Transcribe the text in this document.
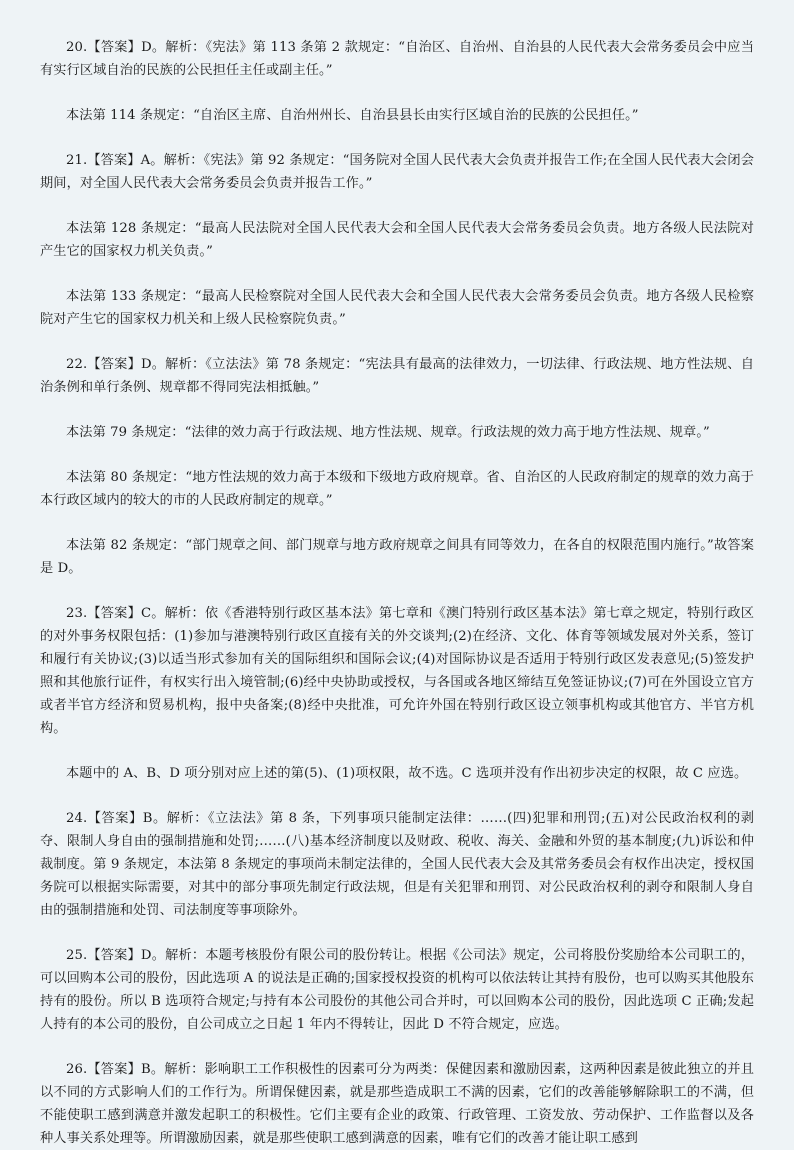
20.【答案】D。解析：《宪法》第 113 条第 2 款规定：“自治区、自治州、自治县的人民代表大会常务委员会中应当有实行区域自治的民族的公民担任主任或副主任。”

本法第 114 条规定：“自治区主席、自治州州长、自治县县长由实行区域自治的民族的公民担任。”

21.【答案】A。解析：《宪法》第 92 条规定：“国务院对全国人民代表大会负责并报告工作;在全国人民代表大会闭会期间，对全国人民代表大会常务委员会负责并报告工作。”

本法第 128 条规定：“最高人民法院对全国人民代表大会和全国人民代表大会常务委员会负责。地方各级人民法院对产生它的国家权力机关负责。”

本法第 133 条规定：“最高人民检察院对全国人民代表大会和全国人民代表大会常务委员会负责。地方各级人民检察院对产生它的国家权力机关和上级人民检察院负责。”

22.【答案】D。解析：《立法法》第 78 条规定：“宪法具有最高的法律效力，一切法律、行政法规、地方性法规、自治条例和单行条例、规章都不得同宪法相抵触。”

本法第 79 条规定：“法律的效力高于行政法规、地方性法规、规章。行政法规的效力高于地方性法规、规章。”

本法第 80 条规定：“地方性法规的效力高于本级和下级地方政府规章。省、自治区的人民政府制定的规章的效力高于本行政区域内的较大的市的人民政府制定的规章。”

本法第 82 条规定：“部门规章之间、部门规章与地方政府规章之间具有同等效力，在各自的权限范围内施行。”故答案是 D。

23.【答案】C。解析：依《香港特别行政区基本法》第七章和《澳门特别行政区基本法》第七章之规定，特别行政区的对外事务权限包括：(1)参加与港澳特别行政区直接有关的外交谈判;(2)在经济、文化、体育等领域发展对外关系，签订和履行有关协议;(3)以适当形式参加有关的国际组织和国际会议;(4)对国际协议是否适用于特别行政区发表意见;(5)签发护照和其他旅行证件，有权实行出入境管制;(6)经中央协助或授权，与各国或各地区缔结互免签证协议;(7)可在外国设立官方或者半官方经济和贸易机构，报中央备案;(8)经中央批准，可允许外国在特别行政区设立领事机构或其他官方、半官方机构。

本题中的 A、B、D 项分别对应上述的第(5)、(1)项权限，故不选。C 选项并没有作出初步决定的权限，故 C 应选。

24.【答案】B。解析：《立法法》第 8 条，下列事项只能制定法律：……(四)犯罪和刑罚;(五)对公民政治权利的剥夺、限制人身自由的强制措施和处罚;……(八)基本经济制度以及财政、税收、海关、金融和外贸的基本制度;(九)诉讼和仲裁制度。第 9 条规定，本法第 8 条规定的事项尚未制定法律的，全国人民代表大会及其常务委员会有权作出决定，授权国务院可以根据实际需要，对其中的部分事项先制定行政法规，但是有关犯罪和刑罚、对公民政治权利的剥夺和限制人身自由的强制措施和处罚、司法制度等事项除外。

25.【答案】D。解析：本题考核股份有限公司的股份转让。根据《公司法》规定，公司将股份奖励给本公司职工的，可以回购本公司的股份，因此选项 A 的说法是正确的;国家授权投资的机构可以依法转让其持有股份，也可以购买其他股东持有的股份。所以 B 选项符合规定;与持有本公司股份的其他公司合并时，可以回购本公司的股份，因此选项 C 正确;发起人持有的本公司的股份，自公司成立之日起 1 年内不得转让，因此 D 不符合规定，应选。

26.【答案】B。解析：影响职工工作积极性的因素可分为两类：保健因素和激励因素，这两种因素是彼此独立的并且以不同的方式影响人们的工作行为。所谓保健因素，就是那些造成职工不满的因素，它们的改善能够解除职工的不满，但不能使职工感到满意并激发起职工的积极性。它们主要有企业的政策、行政管理、工资发放、劳动保护、工作监督以及各种人事关系处理等。所谓激励因素，就是那些使职工感到满意的因素，唯有它们的改善才能让职工感到
